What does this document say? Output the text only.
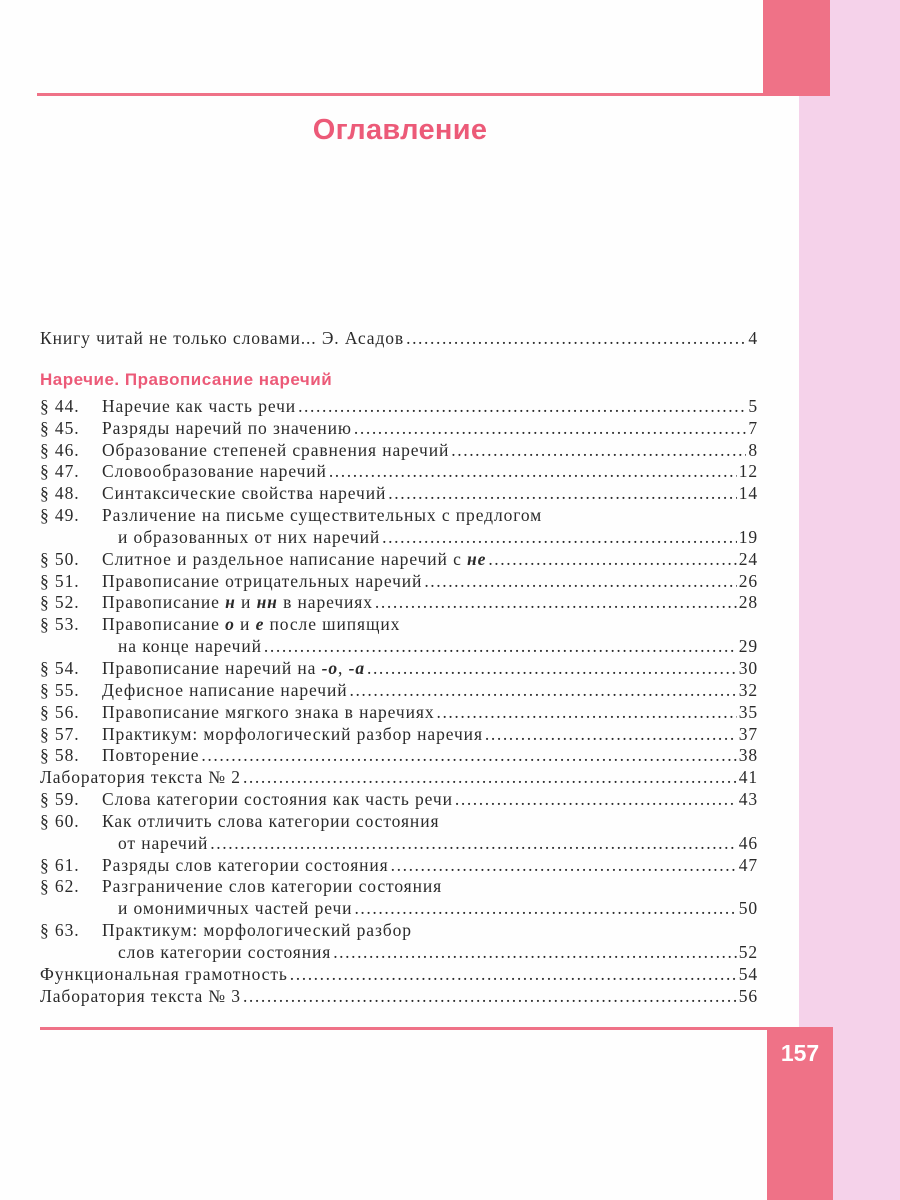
Оглавление
Книгу читай не только словами... Э. Асадов .....	4
Наречие. Правописание наречий
§ 44.	Наречие как часть речи .....	5
§ 45.	Разряды наречий по значению .....	7
§ 46.	Образование степеней сравнения наречий .....	8
§ 47.	Словообразование наречий .....	12
§ 48.	Синтаксические свойства наречий .....	14
§ 49.	Различение на письме существительных с предлогом
и образованных от них наречий .....	19
§ 50.	Слитное и раздельное написание наречий с не .....	24
§ 51.	Правописание отрицательных наречий .....	26
§ 52.	Правописание н и нн в наречиях .....	28
§ 53.	Правописание о и е после шипящих
на конце наречий .....	29
§ 54.	Правописание наречий на -о, -а .....	30
§ 55.	Дефисное написание наречий .....	32
§ 56.	Правописание мягкого знака в наречиях .....	35
§ 57.	Практикум: морфологический разбор наречия .....	37
§ 58.	Повторение .....	38
Лаборатория текста № 2 .....	41
§ 59.	Слова категории состояния как часть речи .....	43
§ 60.	Как отличить слова категории состояния
от наречий .....	46
§ 61.	Разряды слов категории состояния .....	47
§ 62.	Разграничение слов категории состояния
и омонимичных частей речи .....	50
§ 63.	Практикум: морфологический разбор
слов категории состояния .....	52
Функциональная грамотность .....	54
Лаборатория текста № 3 .....	56
157
